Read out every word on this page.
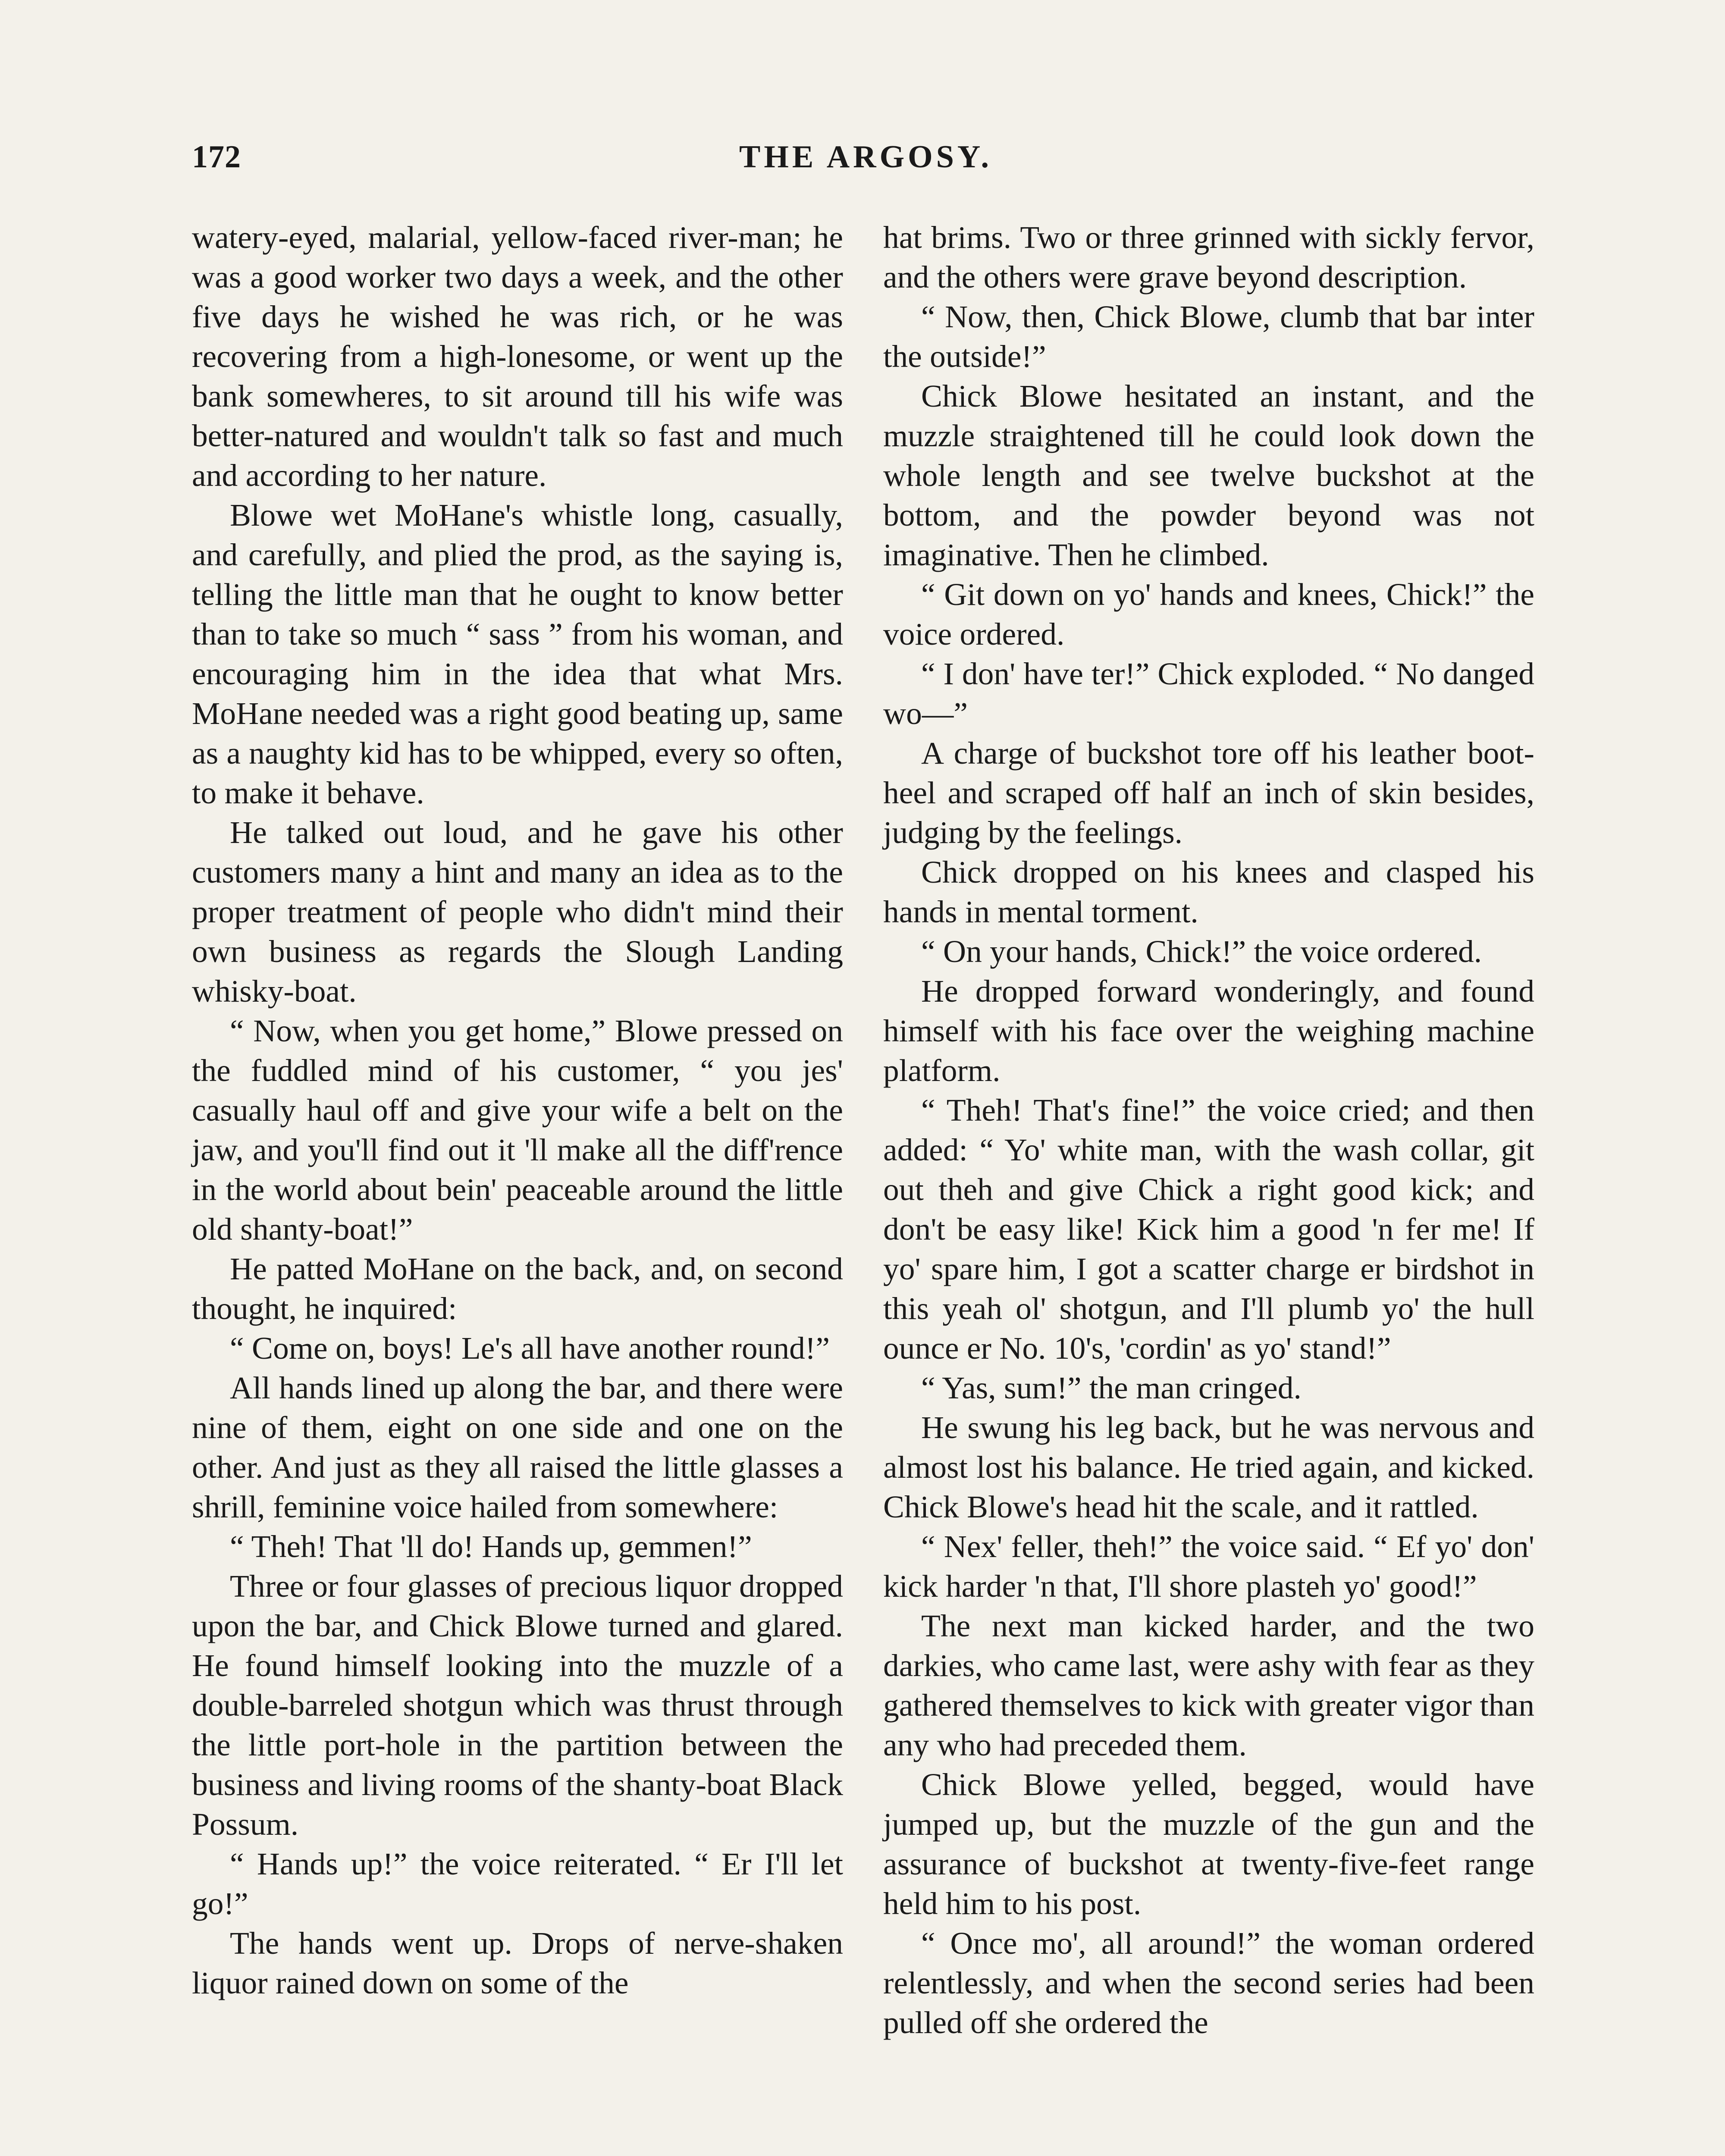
172	THE ARGOSY.

watery-eyed, malarial, yellow-faced river-man; he was a good worker two days a week, and the other five days he wished he was rich, or he was recovering from a high-lonesome, or went up the bank somewheres, to sit around till his wife was better-natured and wouldn't talk so fast and much and according to her nature.

Blowe wet MoHane's whistle long, casually, and carefully, and plied the prod, as the saying is, telling the little man that he ought to know better than to take so much “ sass ” from his woman, and encouraging him in the idea that what Mrs. MoHane needed was a right good beating up, same as a naughty kid has to be whipped, every so often, to make it behave.

He talked out loud, and he gave his other customers many a hint and many an idea as to the proper treatment of people who didn't mind their own business as regards the Slough Landing whisky-boat.

“ Now, when you get home,” Blowe pressed on the fuddled mind of his customer, “ you jes' casually haul off and give your wife a belt on the jaw, and you'll find out it 'll make all the diff'rence in the world about bein' peaceable around the little old shanty-boat!”

He patted MoHane on the back, and, on second thought, he inquired:

“ Come on, boys! Le's all have another round!”

All hands lined up along the bar, and there were nine of them, eight on one side and one on the other. And just as they all raised the little glasses a shrill, feminine voice hailed from somewhere:

“ Theh! That 'll do! Hands up, gemmen!”

Three or four glasses of precious liquor dropped upon the bar, and Chick Blowe turned and glared. He found himself looking into the muzzle of a double-barreled shotgun which was thrust through the little port-hole in the partition between the business and living rooms of the shanty-boat Black Possum.

“ Hands up!” the voice reiterated. “ Er I'll let go!”

The hands went up. Drops of nerve-shaken liquor rained down on some of the

hat brims. Two or three grinned with sickly fervor, and the others were grave beyond description.

“ Now, then, Chick Blowe, clumb that bar inter the outside!”

Chick Blowe hesitated an instant, and the muzzle straightened till he could look down the whole length and see twelve buckshot at the bottom, and the powder beyond was not imaginative. Then he climbed.

“ Git down on yo' hands and knees, Chick!” the voice ordered.

“ I don' have ter!” Chick exploded. “ No danged wo—”

A charge of buckshot tore off his leather boot-heel and scraped off half an inch of skin besides, judging by the feelings.

Chick dropped on his knees and clasped his hands in mental torment.

“ On your hands, Chick!” the voice ordered.

He dropped forward wonderingly, and found himself with his face over the weighing machine platform.

“ Theh! That's fine!” the voice cried; and then added: “ Yo' white man, with the wash collar, git out theh and give Chick a right good kick; and don't be easy like! Kick him a good 'n fer me! If yo' spare him, I got a scatter charge er birdshot in this yeah ol' shotgun, and I'll plumb yo' the hull ounce er No. 10's, 'cordin' as yo' stand!”

“ Yas, sum!” the man cringed.

He swung his leg back, but he was nervous and almost lost his balance. He tried again, and kicked. Chick Blowe's head hit the scale, and it rattled.

“ Nex' feller, theh!” the voice said. “ Ef yo' don' kick harder 'n that, I'll shore plasteh yo' good!”

The next man kicked harder, and the two darkies, who came last, were ashy with fear as they gathered themselves to kick with greater vigor than any who had preceded them.

Chick Blowe yelled, begged, would have jumped up, but the muzzle of the gun and the assurance of buckshot at twenty-five-feet range held him to his post.

“ Once mo', all around!” the woman ordered relentlessly, and when the second series had been pulled off she ordered the
